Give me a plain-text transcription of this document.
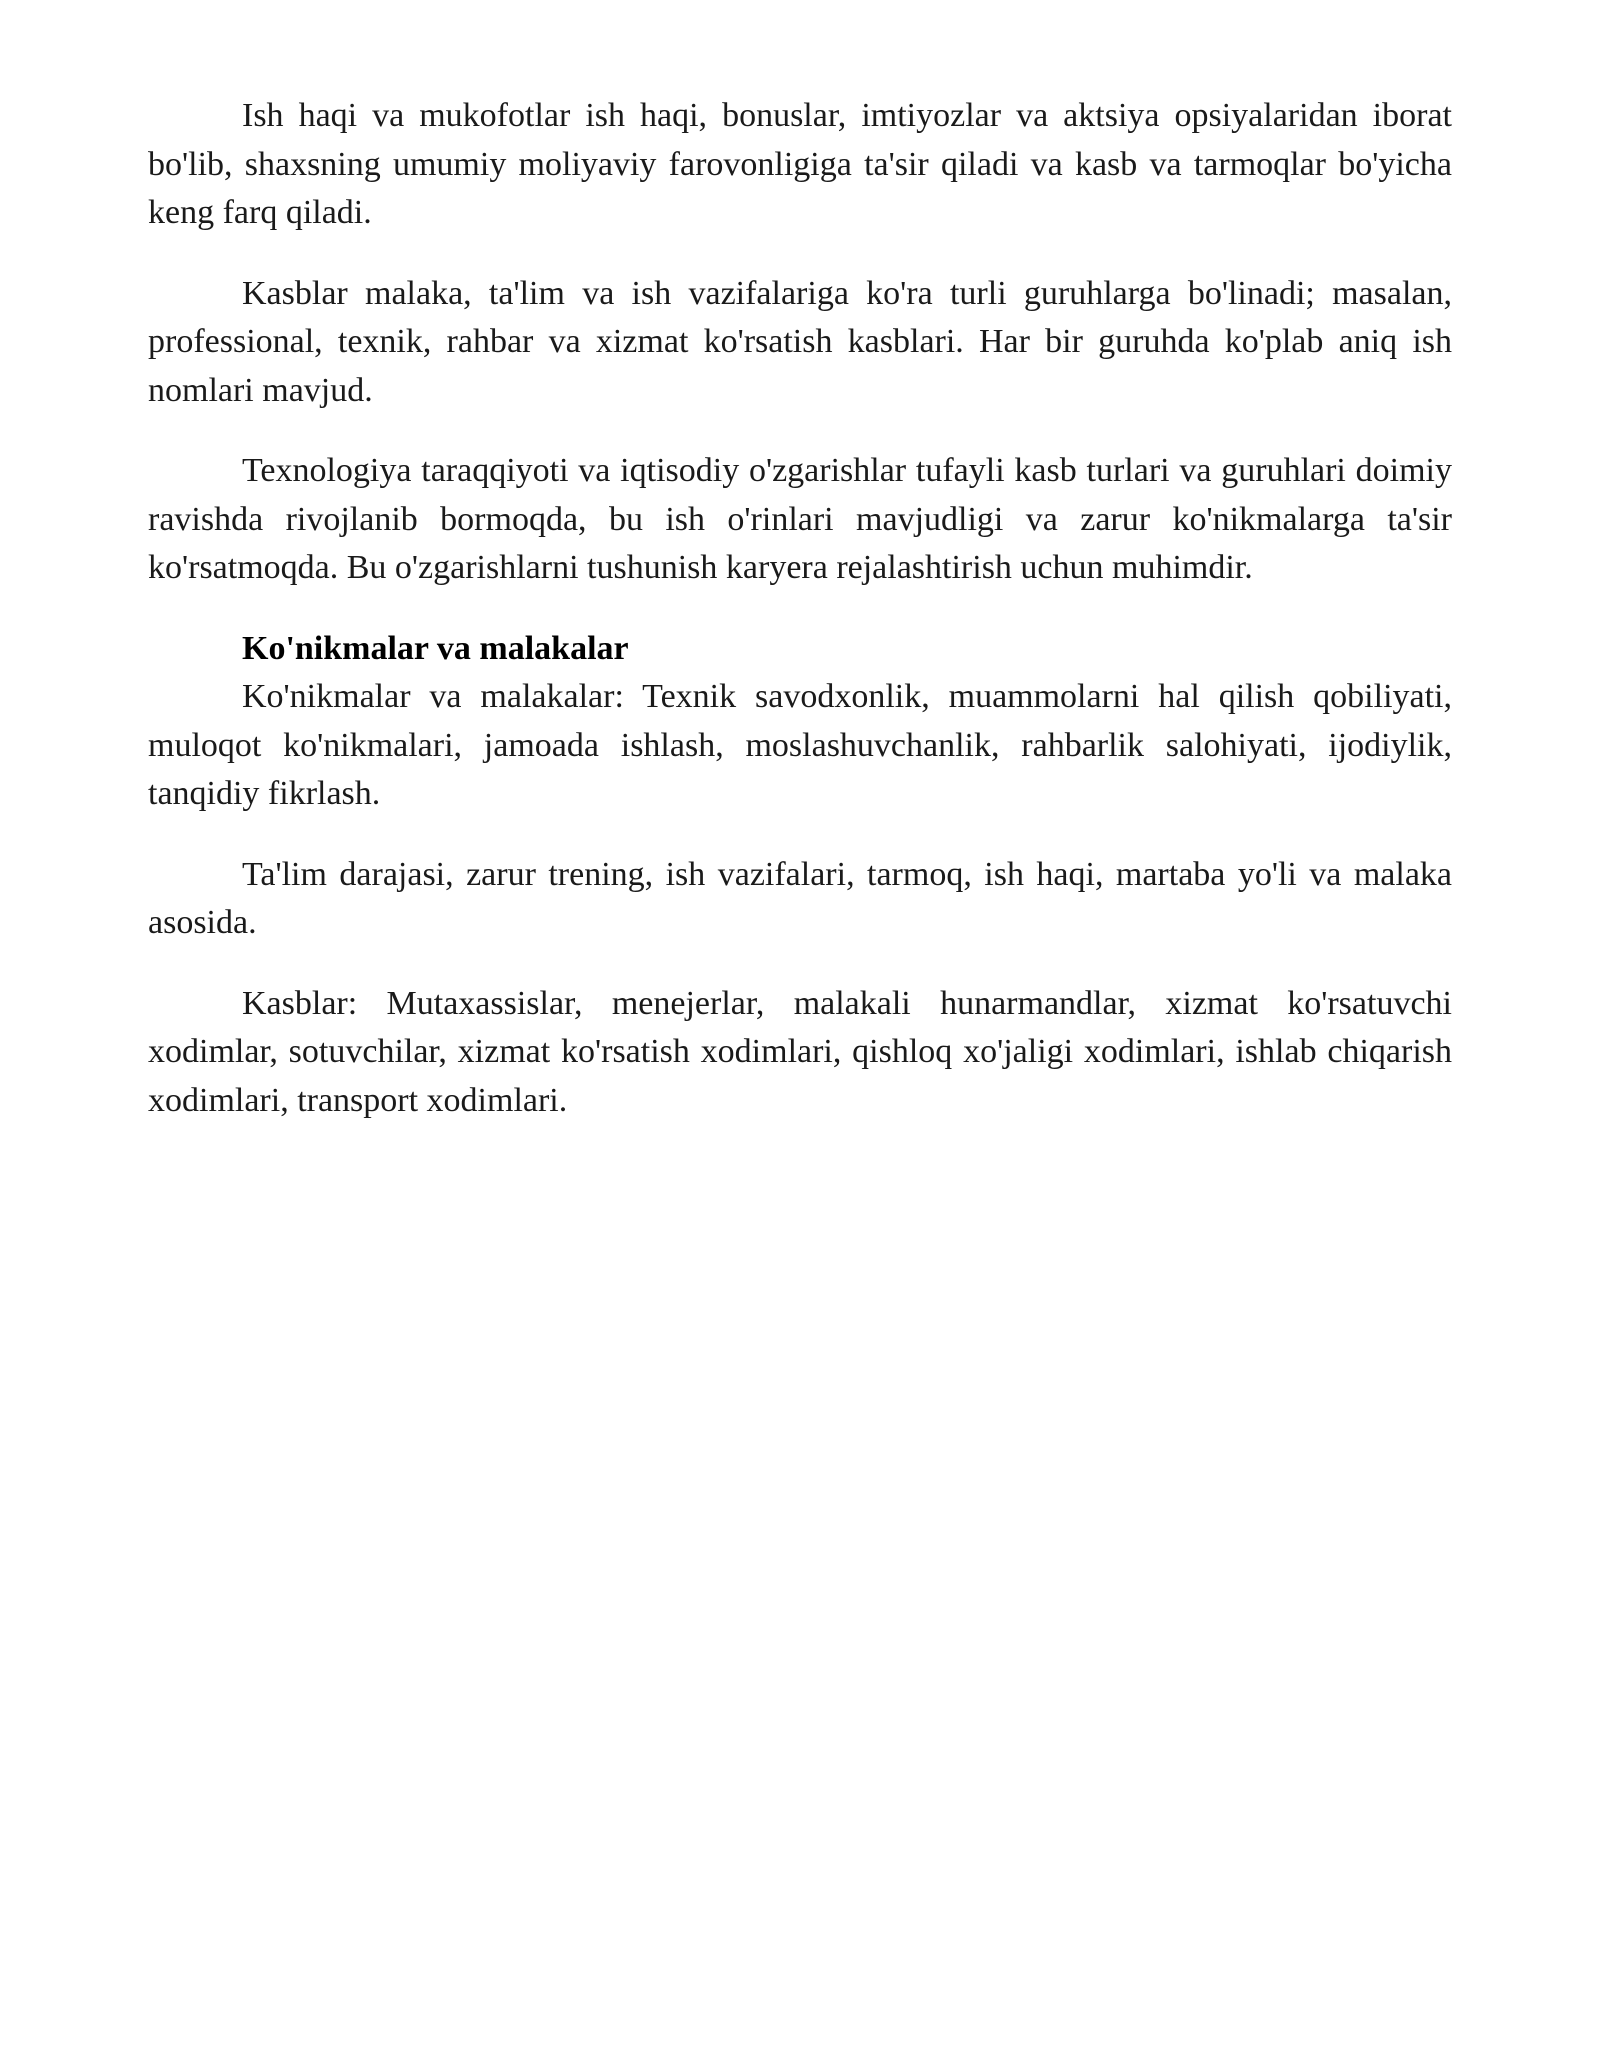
Ish haqi va mukofotlar ish haqi, bonuslar, imtiyozlar va aktsiya opsiyalaridan iborat bo'lib, shaxsning umumiy moliyaviy farovonligiga ta'sir qiladi va kasb va tarmoqlar bo'yicha keng farq qiladi.

Kasblar malaka, ta'lim va ish vazifalariga ko'ra turli guruhlarga bo'linadi; masalan, professional, texnik, rahbar va xizmat ko'rsatish kasblari. Har bir guruhda ko'plab aniq ish nomlari mavjud.

Texnologiya taraqqiyoti va iqtisodiy o'zgarishlar tufayli kasb turlari va guruhlari doimiy ravishda rivojlanib bormoqda, bu ish o'rinlari mavjudligi va zarur ko'nikmalarga ta'sir ko'rsatmoqda. Bu o'zgarishlarni tushunish karyera rejalashtirish uchun muhimdir.

Ko'nikmalar va malakalar

Ko'nikmalar va malakalar: Texnik savodxonlik, muammolarni hal qilish qobiliyati, muloqot ko'nikmalari, jamoada ishlash, moslashuvchanlik, rahbarlik salohiyati, ijodiylik, tanqidiy fikrlash.

Ta'lim darajasi, zarur trening, ish vazifalari, tarmoq, ish haqi, martaba yo'li va malaka asosida.

Kasblar: Mutaxassislar, menejerlar, malakali hunarmandlar, xizmat ko'rsatuvchi xodimlar, sotuvchilar, xizmat ko'rsatish xodimlari, qishloq xo'jaligi xodimlari, ishlab chiqarish xodimlari, transport xodimlari.
